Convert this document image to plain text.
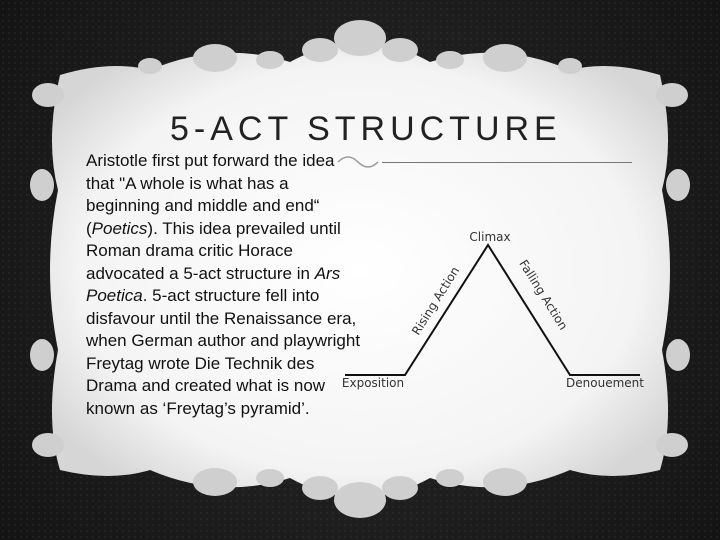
5-ACT STRUCTURE
Aristotle first put forward the idea that "A whole is what has a beginning and middle and end“ (Poetics). This idea prevailed until Roman drama critic Horace advocated a 5-act structure in Ars Poetica. 5-act structure fell into disfavour until the Renaissance era, when German author and playwright Freytag wrote Die Technik des Drama and created what is now known as ‘Freytag’s pyramid’.
Climax
Rising Action	Falling Action
Exposition	Denouement
